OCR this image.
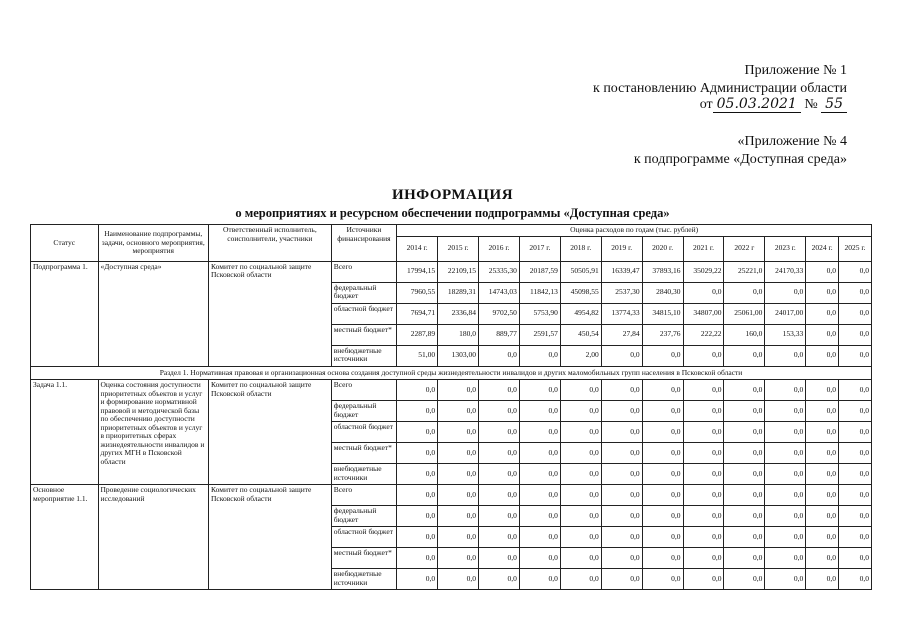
Приложение № 1
к постановлению Администрации области
от 05.03.2021 № 55
«Приложение № 4
к подпрограмме «Доступная среда»
ИНФОРМАЦИЯ
о мероприятиях и ресурсном обеспечении подпрограммы «Доступная среда»
Статус	Наименование подпрограммы, задачи, основного мероприятия, мероприятия	Ответственный исполнитель, соисполнители, участники	Источники финансирования	Оценка расходов по годам (тыс. рублей)											
				2014 г.	2015 г.	2016 г.	2017 г.	2018 г.	2019 г.	2020 г.	2021 г.	2022 г	2023 г.	2024 г.	2025 г.
Подпрограмма 1.	«Доступная среда»	Комитет по социальной защите Псковской области	Всего	17994,15	22109,15	25335,30	20187,59	50505,91	16339,47	37893,16	35029,22	25221,0	24170,33	0,0	0,0
			федеральный бюджет	7960,55	18289,31	14743,03	11842,13	45098,55	2537,30	2840,30	0,0	0,0	0,0	0,0	0,0
			областной бюджет	7694,71	2336,84	9702,50	5753,90	4954,82	13774,33	34815,10	34807,00	25061,00	24017,00	0,0	0,0
			местный бюджет*	2287,89	180,0	889,77	2591,57	450,54	27,84	237,76	222,22	160,0	153,33	0,0	0,0
			внебюджетные источники	51,00	1303,00	0,0	0,0	2,00	0,0	0,0	0,0	0,0	0,0	0,0	0,0
Раздел 1. Нормативная правовая и организационная основа создания доступной среды жизнедеятельности инвалидов и других маломобильных групп населения в Псковской области															
Задача 1.1.	Оценка состояния доступности приоритетных объектов и услуг и формирование нормативной правовой и методической базы по обеспечению доступности приоритетных объектов и услуг в приоритетных сферах жизнедеятельности инвалидов и других МГН в Псковской области	Комитет по социальной защите Псковской области	Всего	0,0	0,0	0,0	0,0	0,0	0,0	0,0	0,0	0,0	0,0	0,0	0,0
			федеральный бюджет	0,0	0,0	0,0	0,0	0,0	0,0	0,0	0,0	0,0	0,0	0,0	0,0
			областной бюджет	0,0	0,0	0,0	0,0	0,0	0,0	0,0	0,0	0,0	0,0	0,0	0,0
			местный бюджет*	0,0	0,0	0,0	0,0	0,0	0,0	0,0	0,0	0,0	0,0	0,0	0,0
			внебюджетные источники	0,0	0,0	0,0	0,0	0,0	0,0	0,0	0,0	0,0	0,0	0,0	0,0
Основное мероприятие 1.1.	Проведение социологических исследований	Комитет по социальной защите Псковской области	Всего	0,0	0,0	0,0	0,0	0,0	0,0	0,0	0,0	0,0	0,0	0,0	0,0
			федеральный бюджет	0,0	0,0	0,0	0,0	0,0	0,0	0,0	0,0	0,0	0,0	0,0	0,0
			областной бюджет	0,0	0,0	0,0	0,0	0,0	0,0	0,0	0,0	0,0	0,0	0,0	0,0
			местный бюджет*	0,0	0,0	0,0	0,0	0,0	0,0	0,0	0,0	0,0	0,0	0,0	0,0
			внебюджетные источники	0,0	0,0	0,0	0,0	0,0	0,0	0,0	0,0	0,0	0,0	0,0	0,0
